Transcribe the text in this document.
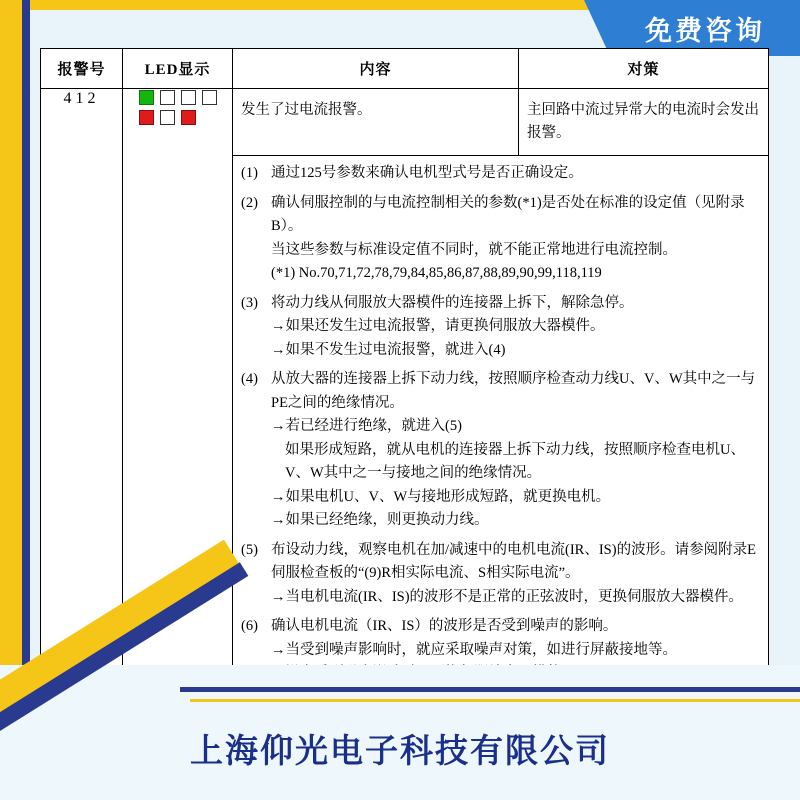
免费咨询
报警号	LED显示	内容	对策
412		发生了过电流报警。	主回路中流过异常大的电流时会发出报警。

(1) 通过125号参数来确认电机型式号是否正确设定。
(2) 确认伺服控制的与电流控制相关的参数(*1)是否处在标准的设定值（见附录B）。
当这些参数与标准设定值不同时，就不能正常地进行电流控制。
(*1) No.70,71,72,78,79,84,85,86,87,88,89,90,99,118,119
(3) 将动力线从伺服放大器模件的连接器上拆下，解除急停。
→如果还发生过电流报警，请更换伺服放大器模件。
→如果不发生过电流报警，就进入(4)
(4) 从放大器的连接器上拆下动力线，按照顺序检查动力线U、V、W其中之一与PE之间的绝缘情况。
→若已经进行绝缘，就进入(5)
如果形成短路，就从电机的连接器上拆下动力线，按照顺序检查电机U、V、W其中之一与接地之间的绝缘情况。
→如果电机U、V、W与接地形成短路，就更换电机。
→如果已经绝缘，则更换动力线。
(5) 布设动力线，观察电机在加/减速中的电机电流(IR、IS)的波形。请参阅附录E伺服检查板的“(9)R相实际电流、S相实际电流”。
→当电机电流(IR、IS)的波形不是正常的正弦波时，更换伺服放大器模件。
(6) 确认电机电流（IR、IS）的波形是否受到噪声的影响。
→当受到噪声影响时，就应采取噪声对策，如进行屏蔽接地等。
上海仰光电子科技有限公司
